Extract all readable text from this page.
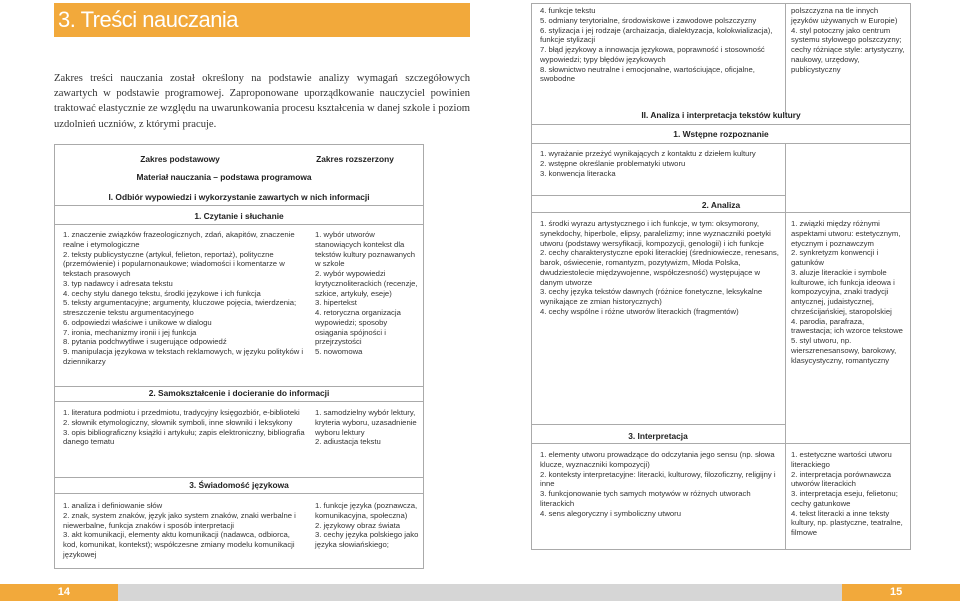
3. Treści nauczania

Zakres treści nauczania został określony na podstawie analizy wymagań szczegółowych zawartych w podstawie programowej. Zaproponowane uporządkowanie nauczyciel powinien traktować elastycznie ze względu na uwarunkowania procesu kształcenia w danej szkole i poziom uzdolnień uczniów, z którymi pracuje.

Zakres podstawowy	Zakres rozszerzony
Materiał nauczania – podstawa programowa
I. Odbiór wypowiedzi i wykorzystanie zawartych w nich informacji
1. Czytanie i słuchanie
1. znaczenie związków frazeologicznych, zdań, akapitów, znaczenie realne i etymologiczne
2. teksty publicystyczne (artykuł, felieton, reportaż), polityczne (przemówienie) i popularnonaukowe; wiadomości i komentarze w tekstach prasowych
3. typ nadawcy i adresata tekstu
4. cechy stylu danego tekstu, środki językowe i ich funkcja
5. teksty argumentacyjne; argumenty, kluczowe pojęcia, twierdzenia; streszczenie tekstu argumentacyjnego
6. odpowiedzi właściwe i unikowe w dialogu
7. ironia, mechanizmy ironii i jej funkcja
8. pytania podchwytliwe i sugerujące odpowiedź
9. manipulacja językowa w tekstach reklamowych, w języku polityków i dziennikarzy
1. wybór utworów stanowiących kontekst dla tekstów kultury poznawanych w szkole
2. wybór wypowiedzi krytycznoliterackich (recenzje, szkice, artykuły, eseje)
3. hipertekst
4. retoryczna organizacja wypowiedzi; sposoby osiągania spójności i przejrzystości
5. nowomowa
2. Samokształcenie i docieranie do informacji
1. literatura podmiotu i przedmiotu, tradycyjny księgozbiór, e-biblioteki
2. słownik etymologiczny, słownik symboli, inne słowniki i leksykony
3. opis bibliograficzny książki i artykułu; zapis elektroniczny, bibliografia danego tematu
1. samodzielny wybór lektury, kryteria wyboru, uzasadnienie wyboru lektury
2. adiustacja tekstu
3. Świadomość językowa
1. analiza i definiowanie słów
2. znak, system znaków, język jako system znaków, znaki werbalne i niewerbalne, funkcja znaków i sposób interpretacji
3. akt komunikacji, elementy aktu komunikacji (nadawca, odbiorca, kod, komunikat, kontekst); współczesne zmiany modelu komunikacji językowej
1. funkcje języka (poznawcza, komunikacyjna, społeczna)
2. językowy obraz świata
3. cechy języka polskiego jako języka słowiańskiego;
14
4. funkcje tekstu
5. odmiany terytorialne, środowiskowe i zawodowe polszczyzny
6. stylizacja i jej rodzaje (archaizacja, dialektyzacja, kolokwializacja), funkcje stylizacji
7. błąd językowy a innowacja językowa, poprawność i stosowność wypowiedzi; typy błędów językowych
8. słownictwo neutralne i emocjonalne, wartościujące, oficjalne, swobodne
polszczyzna na tle innych języków używanych w Europie)
4. styl potoczny jako centrum systemu stylowego polszczyzny; cechy różniące style: artystyczny, naukowy, urzędowy, publicystyczny
II. Analiza i interpretacja tekstów kultury
1. Wstępne rozpoznanie
1. wyrażanie przeżyć wynikających z kontaktu z dziełem kultury
2. wstępne określanie problematyki utworu
3. konwencja literacka
2. Analiza
1. środki wyrazu artystycznego i ich funkcje, w tym: oksymorony, synekdochy, hiperbole, elipsy, paralelizmy; inne wyznaczniki poetyki utworu (podstawy wersyfikacji, kompozycji, genologii) i ich funkcje
2. cechy charakterystyczne epoki literackiej (średniowiecze, renesans, barok, oświecenie, romantyzm, pozytywizm, Młoda Polska, dwudziestolecie międzywojenne, współczesność) występujące w danym utworze
3. cechy języka tekstów dawnych (różnice fonetyczne, leksykalne wynikające ze zmian historycznych)
4. cechy wspólne i różne utworów literackich (fragmentów)
1. związki między różnymi aspektami utworu: estetycznym, etycznym i poznawczym
2. synkretyzm konwencji i gatunków
3. aluzje literackie i symbole kulturowe, ich funkcja ideowa i kompozycyjna, znaki tradycji antycznej, judaistycznej, chrześcijańskiej, staropolskiej
4. parodia, parafraza, trawestacja; ich wzorce tekstowe
5. styl utworu, np. wierszrenesansowy, barokowy, klasycystyczny, romantyczny
3. Interpretacja
1. elementy utworu prowadzące do odczytania jego sensu (np. słowa klucze, wyznaczniki kompozycji)
2. konteksty interpretacyjne: literacki, kulturowy, filozoficzny, religijny i inne
3. funkcjonowanie tych samych motywów w różnych utworach literackich
4. sens alegoryczny i symboliczny utworu
1. estetyczne wartości utworu literackiego
2. interpretacja porównawcza utworów literackich
3. interpretacja eseju, felietonu; cechy gatunkowe
4. tekst literacki a inne teksty kultury, np. plastyczne, teatralne, filmowe
15
